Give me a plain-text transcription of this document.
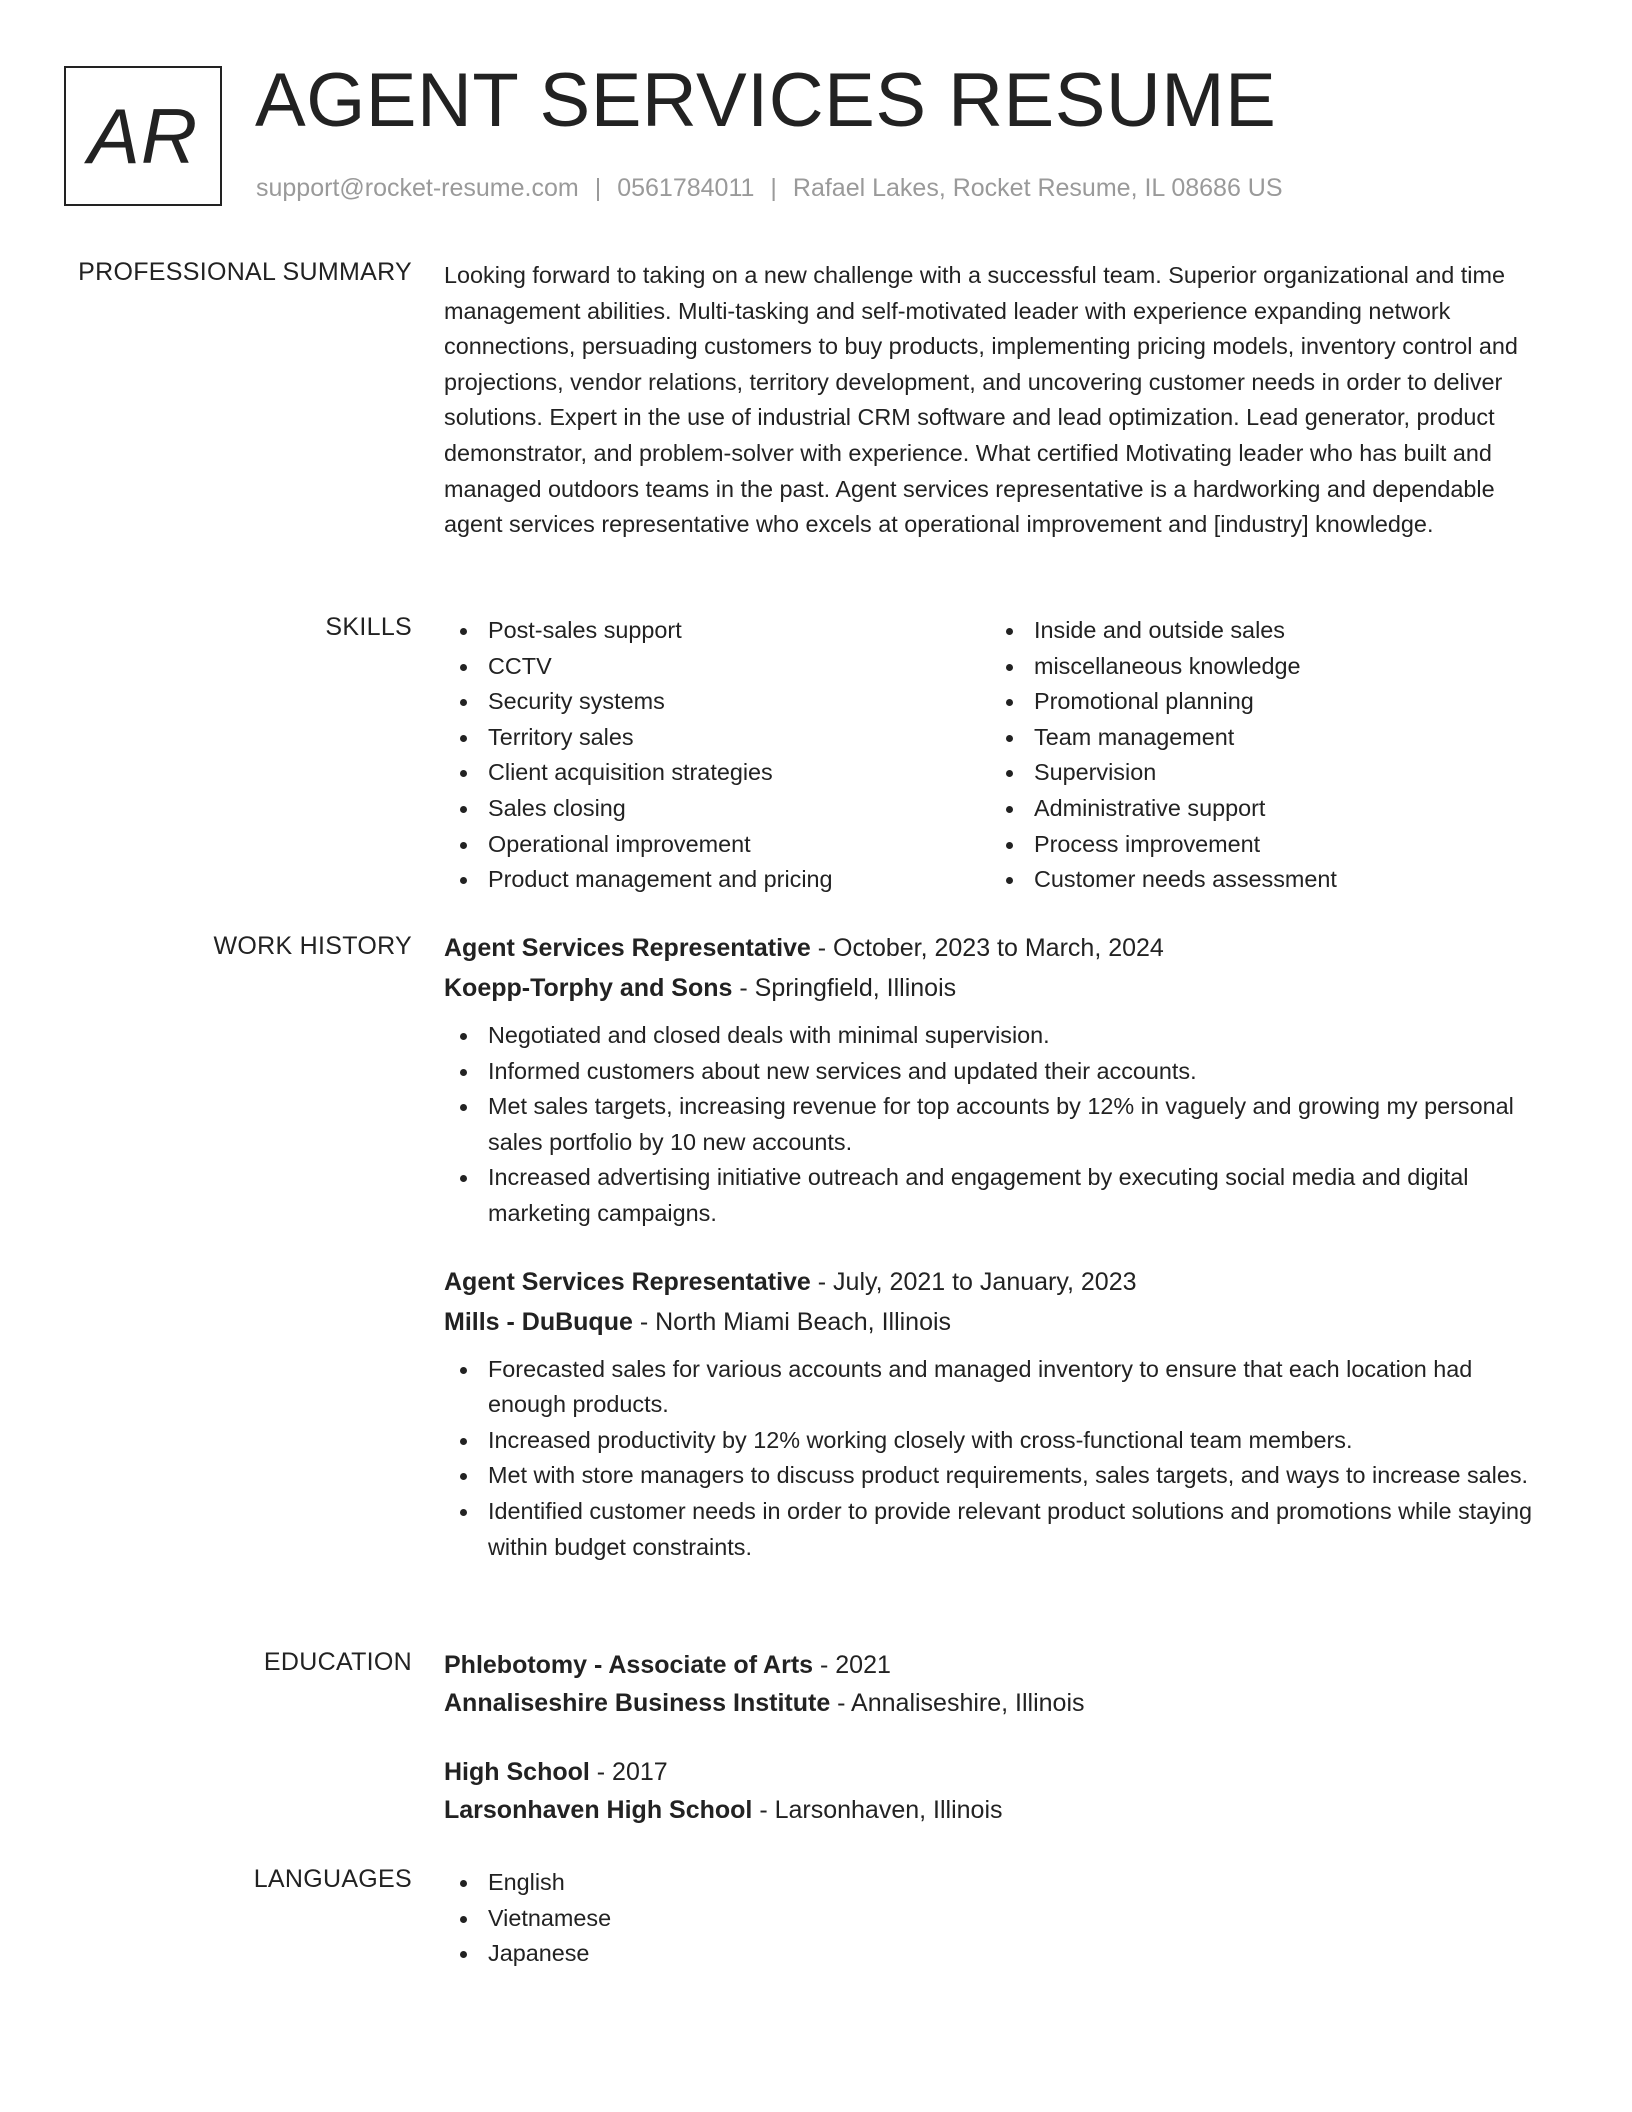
AR AGENT SERVICES RESUME
support@rocket-resume.com | 0561784011 | Rafael Lakes, Rocket Resume, IL 08686 US
PROFESSIONAL SUMMARY Looking forward to taking on a new challenge with a successful team. Superior organizational and time management abilities. Multi-tasking and self-motivated leader with experience expanding network connections, persuading customers to buy products, implementing pricing models, inventory control and projections, vendor relations, territory development, and uncovering customer needs in order to deliver solutions. Expert in the use of industrial CRM software and lead optimization. Lead generator, product demonstrator, and problem-solver with experience. What certified Motivating leader who has built and managed outdoors teams in the past. Agent services representative is a hardworking and dependable agent services representative who excels at operational improvement and [industry] knowledge.

SKILLS	Post-sales support
CCTV
Security systems
Territory sales
Client acquisition strategies
Sales closing
Operational improvement
Product management and pricing
Inside and outside sales
miscellaneous knowledge
Promotional planning
Team management
Supervision
Administrative support
Process improvement
Customer needs assessment
WORK HISTORY Agent Services Representative - October, 2023 to March, 2024
Koepp-Torphy and Sons - Springfield, Illinois
Negotiated and closed deals with minimal supervision.
Informed customers about new services and updated their accounts.
Met sales targets, increasing revenue for top accounts by 12% in vaguely and growing my personal sales portfolio by 10 new accounts.
Increased advertising initiative outreach and engagement by executing social media and digital marketing campaigns.
Agent Services Representative - July, 2021 to January, 2023
Mills - DuBuque - North Miami Beach, Illinois
Forecasted sales for various accounts and managed inventory to ensure that each location had enough products.
Increased productivity by 12% working closely with cross-functional team members.
Met with store managers to discuss product requirements, sales targets, and ways to increase sales.
Identified customer needs in order to provide relevant product solutions and promotions while staying within budget constraints.
EDUCATION Phlebotomy - Associate of Arts - 2021
Annaliseshire Business Institute - Annaliseshire, Illinois
High School - 2017
Larsonhaven High School - Larsonhaven, Illinois
LANGUAGES	English
Vietnamese
Japanese
